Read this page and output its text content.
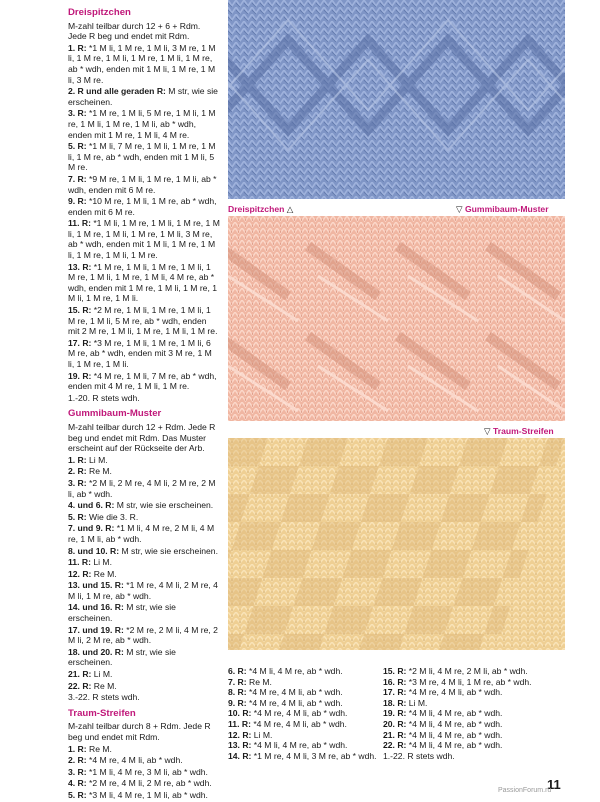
Dreispitzchen
M-zahl teilbar durch 12 + 6 + Rdm. Jede R beg und endet mit Rdm.
1. R: *1 M li, 1 M re, 1 M li, 3 M re, 1 M li, 1 M re, 1 M li, 1 M re, 1 M li, 1 M re, ab * wdh, enden mit 1 M li, 1 M re, 1 M li, 3 M re.
2. R und alle geraden R: M str, wie sie erscheinen.
3. R: *1 M re, 1 M li, 5 M re, 1 M li, 1 M re, 1 M li, 1 M re, 1 M li, ab * wdh, enden mit 1 M re, 1 M li, 4 M re.
5. R: *1 M li, 7 M re, 1 M li, 1 M re, 1 M li, 1 M re, ab * wdh, enden mit 1 M li, 5 M re.
7. R: *9 M re, 1 M li, 1 M re, 1 M li, ab * wdh, enden mit 6 M re.
9. R: *10 M re, 1 M li, 1 M re, ab * wdh, enden mit 6 M re.
11. R: *1 M li, 1 M re, 1 M li, 1 M re, 1 M li, 1 M re, 1 M li, 1 M re, 1 M li, 3 M re, ab * wdh, enden mit 1 M li, 1 M re, 1 M li, 1 M re, 1 M li, 1 M re.
13. R: *1 M re, 1 M li, 1 M re, 1 M li, 1 M re, 1 M li, 1 M re, 1 M li, 4 M re, ab * wdh, enden mit 1 M re, 1 M li, 1 M re, 1 M li, 1 M re, 1 M li.
15. R: *2 M re, 1 M li, 1 M re, 1 M li, 1 M re, 1 M li, 5 M re, ab * wdh, enden mit 2 M re, 1 M li, 1 M re, 1 M li, 1 M re.
17. R: *3 M re, 1 M li, 1 M re, 1 M li, 6 M re, ab * wdh, enden mit 3 M re, 1 M li, 1 M re, 1 M li.
19. R: *4 M re, 1 M li, 7 M re, ab * wdh, enden mit 4 M re, 1 M li, 1 M re.
1.-20. R stets wdh.
Gummibaum-Muster
M-zahl teilbar durch 12 + Rdm. Jede R beg und endet mit Rdm. Das Muster erscheint auf der Rückseite der Arb.
1. R: Li M.
2. R: Re M.
3. R: *2 M li, 2 M re, 4 M li, 2 M re, 2 M li, ab * wdh.
4. und 6. R: M str, wie sie erscheinen.
5. R: Wie die 3. R.
7. und 9. R: *1 M li, 4 M re, 2 M li, 4 M re, 1 M li, ab * wdh.
8. und 10. R: M str, wie sie erscheinen.
11. R: Li M.
12. R: Re M.
13. und 15. R: *1 M re, 4 M li, 2 M re, 4 M li, 1 M re, ab * wdh.
14. und 16. R: M str, wie sie erscheinen.
17. und 19. R: *2 M re, 2 M li, 4 M re, 2 M li, 2 M re, ab * wdh.
18. und 20. R: M str, wie sie erscheinen.
21. R: Li M.
22. R: Re M.
3.-22. R stets wdh.
Traum-Streifen
M-zahl teilbar durch 8 + Rdm. Jede R beg und endet mit Rdm.
1. R: Re M.
2. R: *4 M re, 4 M li, ab * wdh.
3. R: *1 M li, 4 M re, 3 M li, ab * wdh.
4. R: *2 M re, 4 M li, 2 M re, ab * wdh.
5. R: *3 M li, 4 M re, 1 M li, ab * wdh.
Dreispitzchen △	▽ Gummibaum-Muster
▽ Traum-Streifen
6. R: *4 M li, 4 M re, ab * wdh.
7. R: Re M.
8. R: *4 M re, 4 M li, ab * wdh.
9. R: *4 M re, 4 M li, ab * wdh.
10. R: *4 M re, 4 M li, ab * wdh.
11. R: *4 M re, 4 M li, ab * wdh.
12. R: Li M.
13. R: *4 M li, 4 M re, ab * wdh.
14. R: *1 M re, 4 M li, 3 M re, ab * wdh.
15. R: *2 M li, 4 M re, 2 M li, ab * wdh.
16. R: *3 M re, 4 M li, 1 M re, ab * wdh.
17. R: *4 M re, 4 M li, ab * wdh.
18. R: Li M.
19. R: *4 M li, 4 M re, ab * wdh.
20. R: *4 M li, 4 M re, ab * wdh.
21. R: *4 M li, 4 M re, ab * wdh.
22. R: *4 M li, 4 M re, ab * wdh.
1.-22. R stets wdh.
11
PassionForum.ru
